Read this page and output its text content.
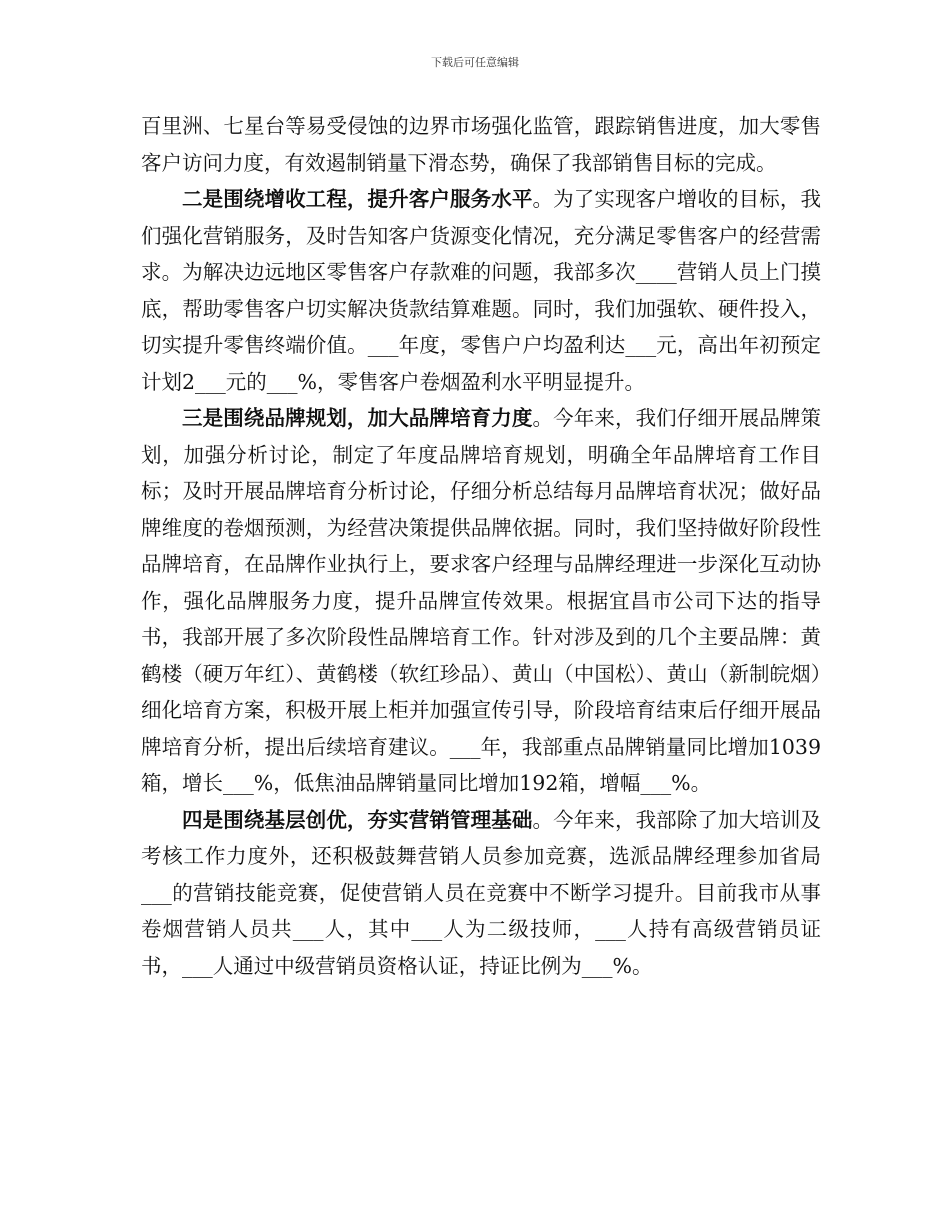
下载后可任意编辑

百里洲、七星台等易受侵蚀的边界市场强化监管，跟踪销售进度，加大零售客户访问力度，有效遏制销量下滑态势，确保了我部销售目标的完成。

二是围绕增收工程，提升客户服务水平。为了实现客户增收的目标，我们强化营销服务，及时告知客户货源变化情况，充分满足零售客户的经营需求。为解决边远地区零售客户存款难的问题，我部多次____营销人员上门摸底，帮助零售客户切实解决货款结算难题。同时，我们加强软、硬件投入，切实提升零售终端价值。___年度，零售户户均盈利达___元，高出年初预定计划2___元的___%，零售客户卷烟盈利水平明显提升。

三是围绕品牌规划，加大品牌培育力度。今年来，我们仔细开展品牌策划，加强分析讨论，制定了年度品牌培育规划，明确全年品牌培育工作目标；及时开展品牌培育分析讨论，仔细分析总结每月品牌培育状况；做好品牌维度的卷烟预测，为经营决策提供品牌依据。同时，我们坚持做好阶段性品牌培育，在品牌作业执行上，要求客户经理与品牌经理进一步深化互动协作，强化品牌服务力度，提升品牌宣传效果。根据宜昌市公司下达的指导书，我部开展了多次阶段性品牌培育工作。针对涉及到的几个主要品牌：黄鹤楼（硬万年红）、黄鹤楼（软红珍品）、黄山（中国松）、黄山（新制皖烟）细化培育方案，积极开展上柜并加强宣传引导，阶段培育结束后仔细开展品牌培育分析，提出后续培育建议。___年，我部重点品牌销量同比增加1039箱，增长___%，低焦油品牌销量同比增加192箱，增幅___%。

四是围绕基层创优，夯实营销管理基础。今年来，我部除了加大培训及考核工作力度外，还积极鼓舞营销人员参加竞赛，选派品牌经理参加省局___的营销技能竞赛，促使营销人员在竞赛中不断学习提升。目前我市从事卷烟营销人员共___人，其中___人为二级技师，___人持有高级营销员证书，___人通过中级营销员资格认证，持证比例为___%。
